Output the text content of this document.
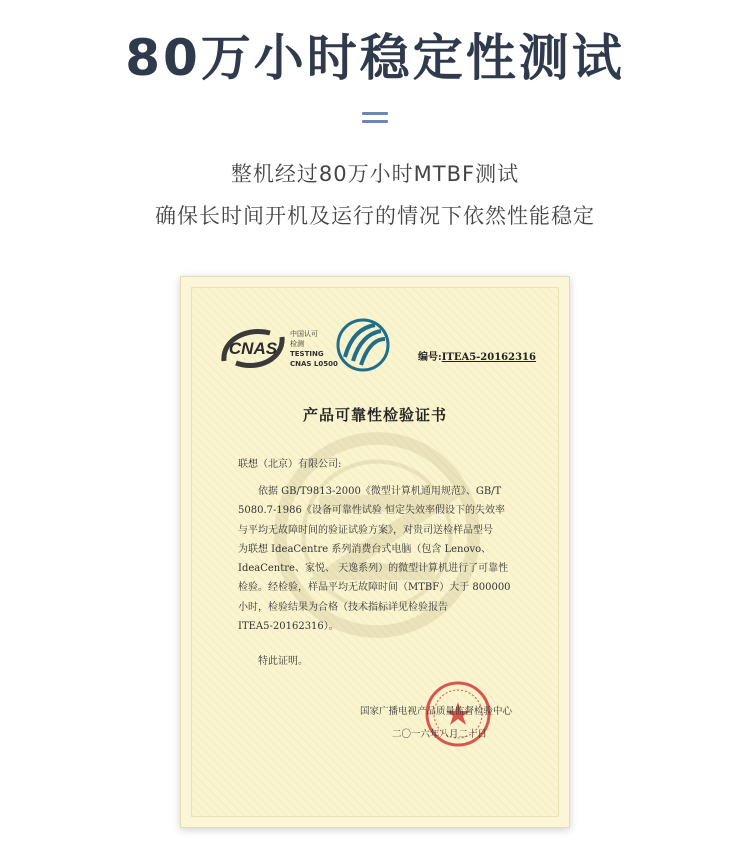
80万小时稳定性测试
整机经过80万小时MTBF测试
确保长时间开机及运行的情况下依然性能稳定
CNAS
中国认可
检测
TESTING
CNAS L0500
编号:ITEA5-20162316
产品可靠性检验证书
联想（北京）有限公司:
依据 GB/T9813-2000《微型计算机通用规范》、GB/T
5080.7-1986《设备可靠性试验 恒定失效率假设下的失效率
与平均无故障时间的验证试验方案》，对贵司送检样品型号
为联想 IdeaCentre 系列消费台式电脑（包含 Lenovo、
IdeaCentre、家悦、 天逸系列）的微型计算机进行了可靠性
检验。经检验，样品平均无故障时间（MTBF）大于 800000
小时，检验结果为合格（技术指标详见检验报告
ITEA5-20162316）。
特此证明。
国家广播电视产品质量监督检验中心
二〇一六年八月二十日
